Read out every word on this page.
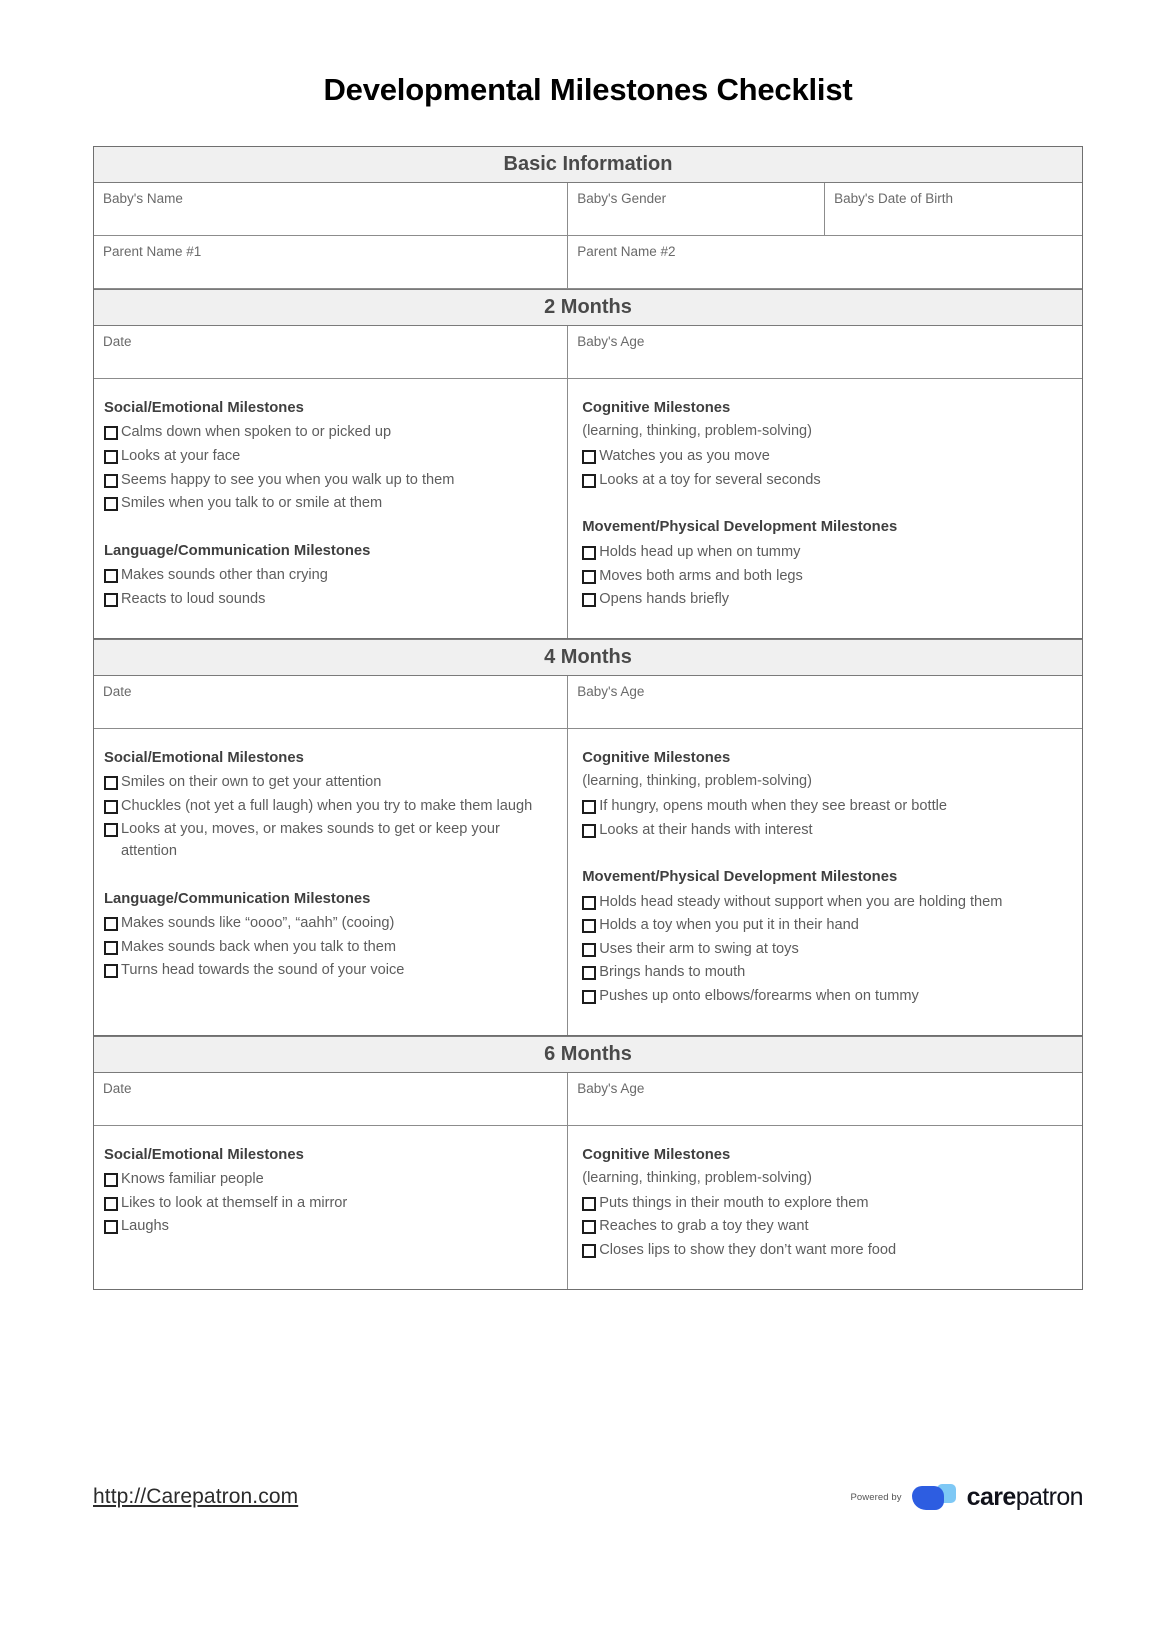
Developmental Milestones Checklist
Basic Information
Baby's Name	Baby's Gender	Baby's Date of Birth
Parent Name #1	Parent Name #2
2 Months
Date	Baby's Age
Social/Emotional Milestones
Calms down when spoken to or picked up
Looks at your face
Seems happy to see you when you walk up to them
Smiles when you talk to or smile at them
Language/Communication Milestones
Makes sounds other than crying
Reacts to loud sounds
Cognitive Milestones
(learning, thinking, problem-solving)
Watches you as you move
Looks at a toy for several seconds
Movement/Physical Development Milestones
Holds head up when on tummy
Moves both arms and both legs
Opens hands briefly
4 Months
Date	Baby's Age
Social/Emotional Milestones
Smiles on their own to get your attention
Chuckles (not yet a full laugh) when you try to make them laugh
Looks at you, moves, or makes sounds to get or keep your attention
Language/Communication Milestones
Makes sounds like “oooo”, “aahh” (cooing)
Makes sounds back when you talk to them
Turns head towards the sound of your voice
Cognitive Milestones
(learning, thinking, problem-solving)
If hungry, opens mouth when they see breast or bottle
Looks at their hands with interest
Movement/Physical Development Milestones
Holds head steady without support when you are holding them
Holds a toy when you put it in their hand
Uses their arm to swing at toys
Brings hands to mouth
Pushes up onto elbows/forearms when on tummy
6 Months
Date	Baby's Age
Social/Emotional Milestones
Knows familiar people
Likes to look at themself in a mirror
Laughs
Cognitive Milestones
(learning, thinking, problem-solving)
Puts things in their mouth to explore them
Reaches to grab a toy they want
Closes lips to show they don’t want more food
http://Carepatron.com	Powered by	carepatron
